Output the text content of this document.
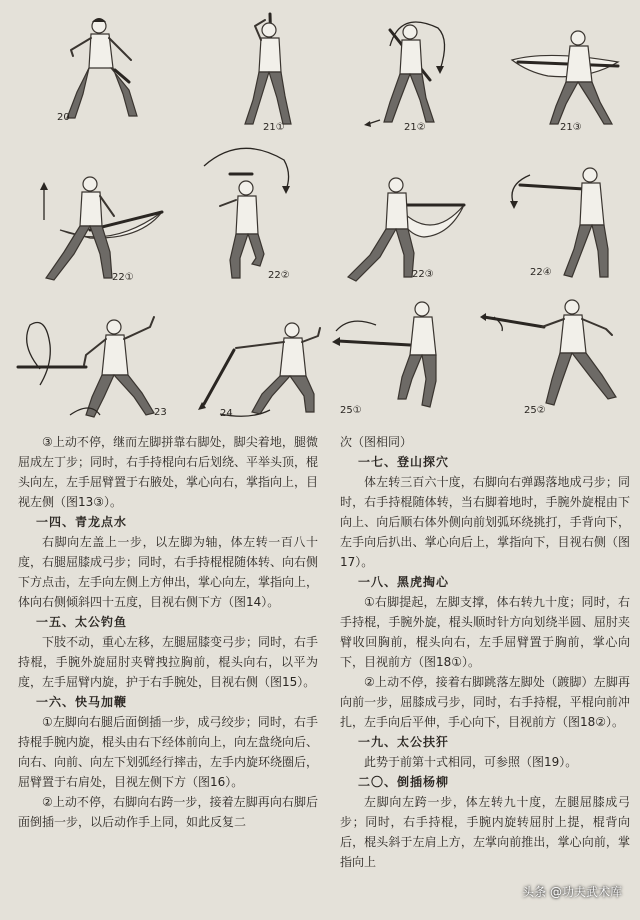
20
21①	21②	21③
22①	22②	22③	22④
23	24	25①	25②

③上动不停，继而左脚拼靠右脚处，脚尖着地，腿微屈成左丁步；同时，右手持棍向右后划绕、平举头顶，棍头向左，左手屈臂置于右腋处，掌心向右，掌指向上，目视左侧（图13③）。

一四、青龙点水

右脚向左盖上一步，以左脚为轴，体左转一百八十度，右腿屈膝成弓步；同时，右手持棍棍随体转、向右侧下方点击，左手向左侧上方伸出，掌心向左，掌指向上，体向右侧倾斜四十五度，目视右侧下方（图14）。

一五、太公钓鱼

下肢不动，重心左移，左腿屈膝变弓步；同时，右手持棍，手腕外旋屈肘夹臂拽拉胸前，棍头向右，以平为度，左手屈臂内旋，护于右手腕处，目视右侧（图15）。

一六、快马加鞭

①左脚向右腿后面倒插一步，成弓绞步；同时，右手持棍手腕内旋，棍头由右下经体前向上，向左盘绕向后、向右、向前、向左下划弧经行摔击，左手内旋环绕圈后，屈臂置于右肩处，目视左侧下方（图16）。

②上动不停，右脚向右跨一步，接着左脚再向右脚后面倒插一步，以后动作手上同，如此反复二

次（图相同）

一七、登山探穴

体左转三百六十度，右脚向右弹踢落地成弓步；同时，右手持棍随体转，当右脚着地时，手腕外旋棍由下向上、向后顺右体外侧向前划弧环绕挑打，手背向下，左手向后扒出、掌心向后上，掌指向下，目视右侧（图17）。

一八、黑虎掏心

①右脚提起，左脚支撑，体右转九十度；同时，右手持棍，手腕外旋，棍头顺时针方向划绕半圆、屈肘夹臂收回胸前，棍头向右，左手屈臂置于胸前，掌心向下，目视前方（图18①）。

②上动不停，接着右脚跳落左脚处（踱脚）左脚再向前一步，屈膝成弓步，同时，右手持棍，平棍向前冲扎，左手向后平伸，手心向下，目视前方（图18②）。

一九、太公扶犴

此势于前第十式相同，可参照（图19）。

二〇、倒插杨柳

左脚向左跨一步，体左转九十度，左腿屈膝成弓步；同时，右手持棍，手腕内旋转屈肘上提，棍背向后，棍头斜于左肩上方，左掌向前推出，掌心向前，掌指向上

头条 @功夫武术库
